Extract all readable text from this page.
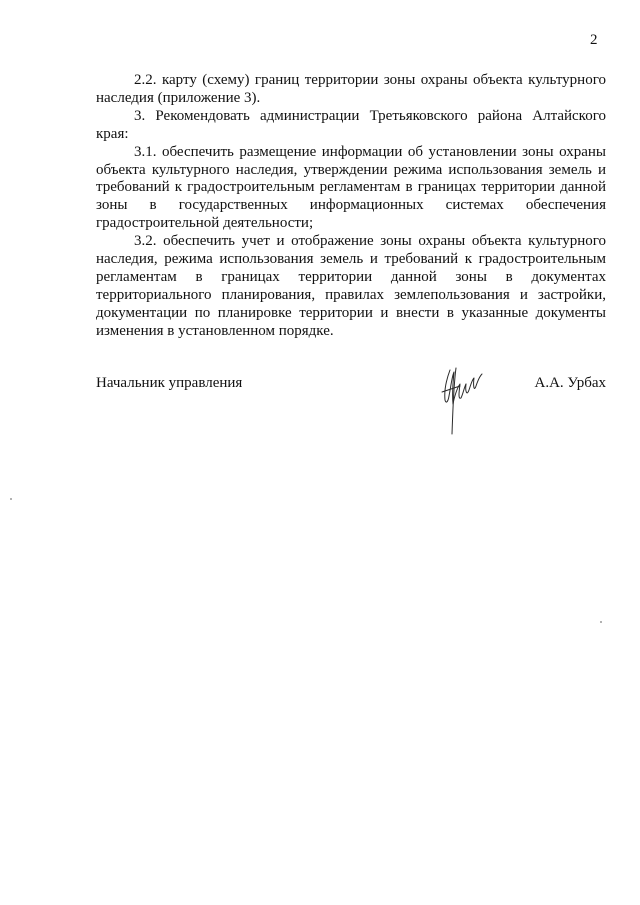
2

2.2. карту (схему) границ территории зоны охраны объекта культурного наследия (приложение 3).

3. Рекомендовать администрации Третьяковского района Алтайского края:

3.1. обеспечить размещение информации об установлении зоны охраны объекта культурного наследия, утверждении режима использования земель и требований к градостроительным регламентам в границах территории данной зоны в государственных информационных системах обеспечения градостроительной деятельности;

3.2. обеспечить учет и отображение зоны охраны объекта культурного наследия, режима использования земель и требований к градостроительным регламентам в границах территории данной зоны в документах территориального планирования, правилах землепользования и застройки, документации по планировке территории и внести в указанные документы изменения в установленном порядке.

Начальник управления	А.А. Урбах
